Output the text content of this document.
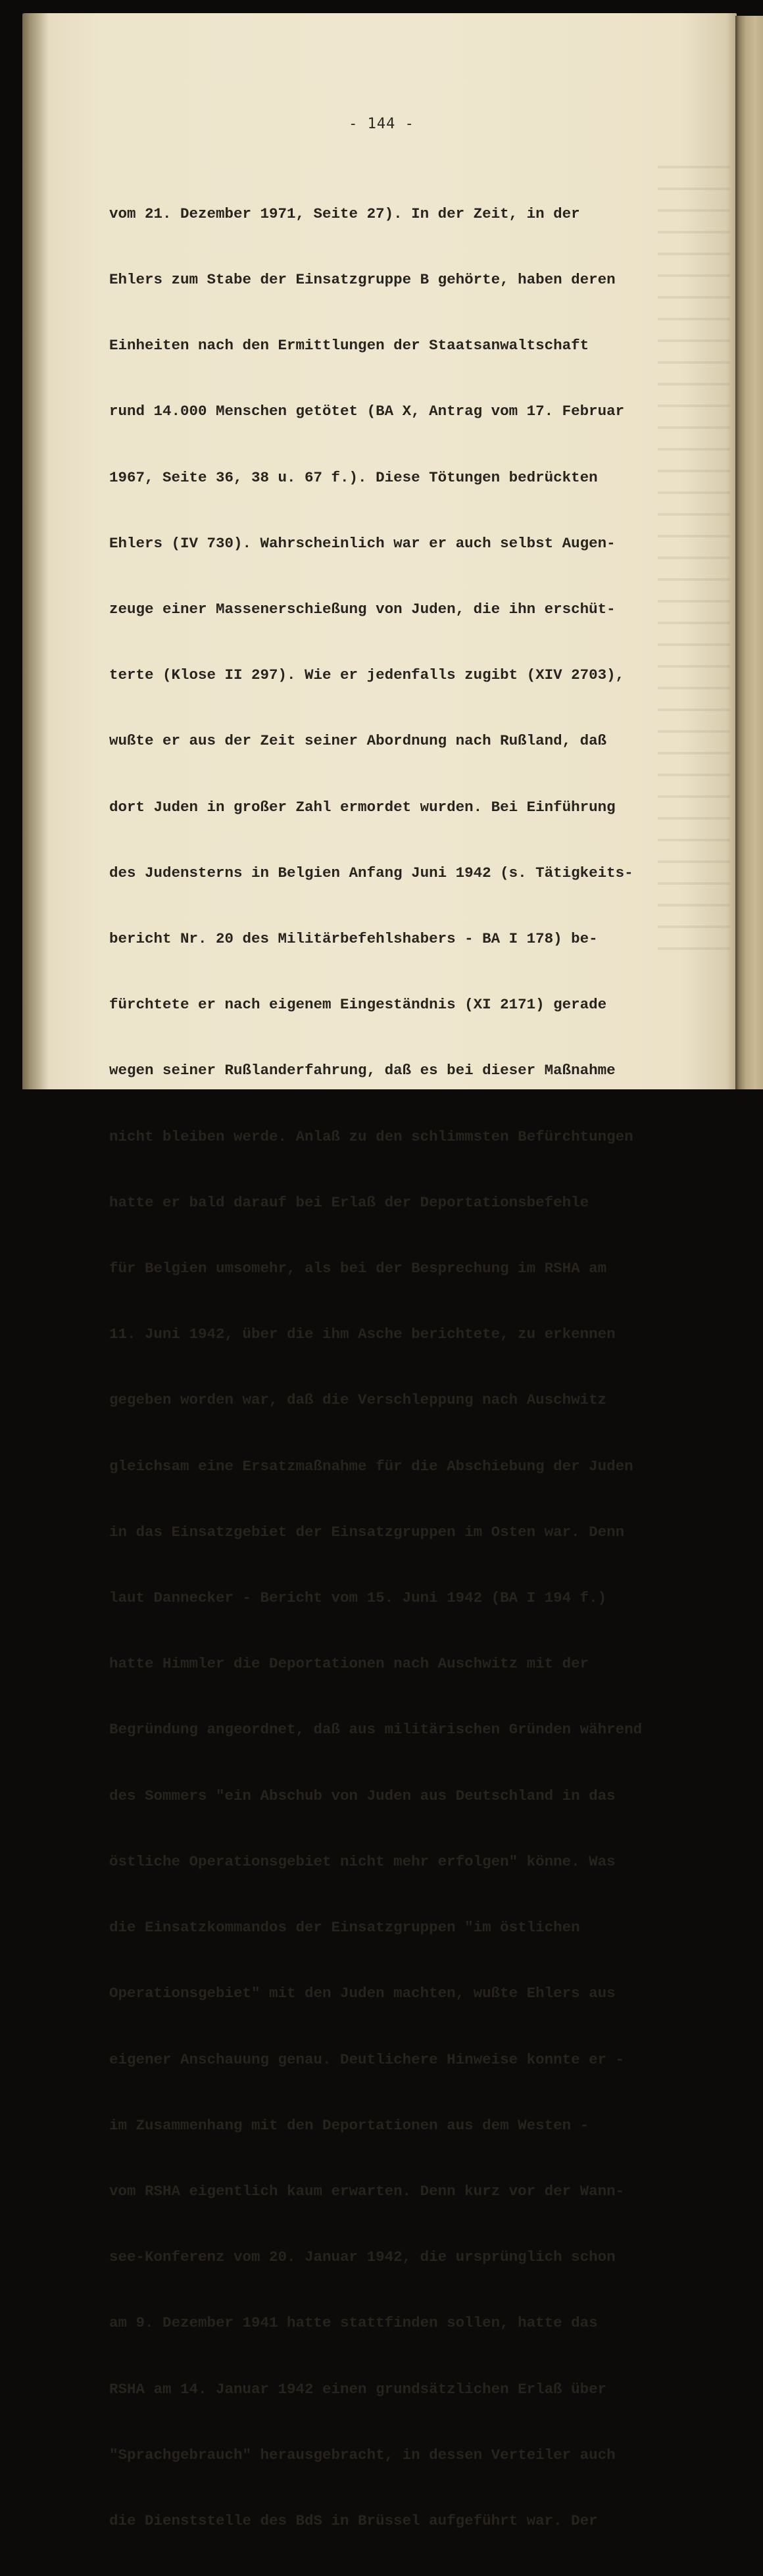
- 144 -

vom 21. Dezember 1971, Seite 27). In der Zeit, in der

Ehlers zum Stabe der Einsatzgruppe B gehörte, haben deren

Einheiten nach den Ermittlungen der Staatsanwaltschaft

rund 14.000 Menschen getötet (BA X, Antrag vom 17. Februar

1967, Seite 36, 38 u. 67 f.). Diese Tötungen bedrückten

Ehlers (IV 730). Wahrscheinlich war er auch selbst Augen-

zeuge einer Massenerschießung von Juden, die ihn erschüt-

terte (Klose II 297). Wie er jedenfalls zugibt (XIV 2703),

wußte er aus der Zeit seiner Abordnung nach Rußland, daß

dort Juden in großer Zahl ermordet wurden. Bei Einführung

des Judensterns in Belgien Anfang Juni 1942 (s. Tätigkeits-

bericht Nr. 20 des Militärbefehlshabers - BA I 178) be-

fürchtete er nach eigenem Eingeständnis (XI 2171) gerade

wegen seiner Rußlanderfahrung, daß es bei dieser Maßnahme

nicht bleiben werde. Anlaß zu den schlimmsten Befürchtungen

hatte er bald darauf bei Erlaß der Deportationsbefehle

für Belgien umsomehr, als bei der Besprechung im RSHA am

11. Juni 1942, über die ihm Asche berichtete, zu erkennen

gegeben worden war, daß die Verschleppung nach Auschwitz

gleichsam eine Ersatzmaßnahme für die Abschiebung der Juden

in das Einsatzgebiet der Einsatzgruppen im Osten war. Denn

laut Dannecker - Bericht vom 15. Juni 1942 (BA I 194 f.)

hatte Himmler die Deportationen nach Auschwitz mit der

Begründung angeordnet, daß aus militärischen Gründen während

des Sommers "ein Abschub von Juden aus Deutschland in das

östliche Operationsgebiet nicht mehr erfolgen" könne. Was

die Einsatzkommandos der Einsatzgruppen "im östlichen

Operationsgebiet" mit den Juden machten, wußte Ehlers aus

eigener Anschauung genau. Deutlichere Hinweise konnte er -

im Zusammenhang mit den Deportationen aus dem Westen -

vom RSHA eigentlich kaum erwarten. Denn kurz vor der Wann-

see-Konferenz vom 20. Januar 1942, die ursprünglich schon

am 9. Dezember 1941 hatte stattfinden sollen, hatte das

RSHA am 14. Januar 1942 einen grundsätzlichen Erlaß über

"Sprachgebrauch" herausgebracht, in dessen Verteiler auch

die Dienststelle des BdS in Brüssel aufgeführt war. Der
